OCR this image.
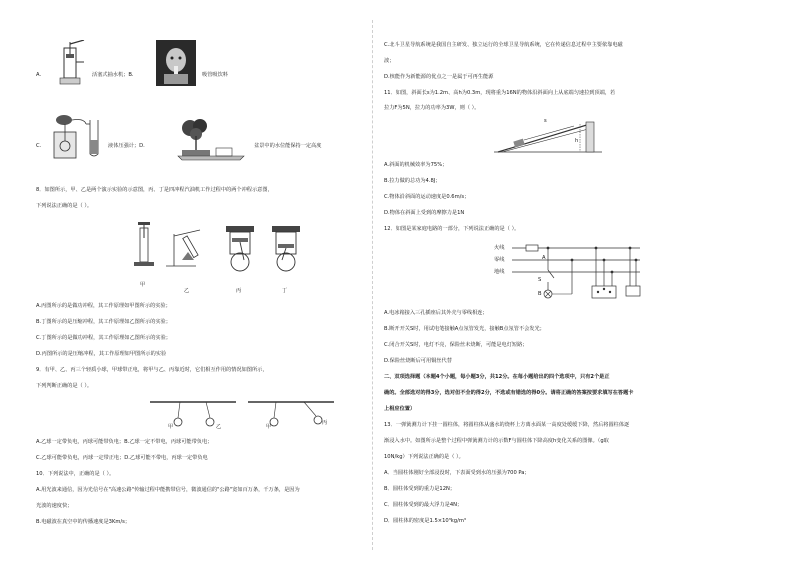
A.	活塞式抽水机；B.	吸管吸饮料
C.	液体压强计；D.	盆景中的水位能保持一定高度
8．如图所示，甲、乙是两个演示实验的示意图，丙、丁是四冲程汽油机工作过程中的两个冲程示意图，
下列说法正确的是（ ）。
甲
乙	丙	丁
A.丙图所示的是做功冲程，其工作原理如甲图所示的实验；
B.丁图所示的是压缩冲程，其工作原理如乙图所示的实验；
C.丁图所示的是做功冲程，其工作原理如乙图所示的实验；
D.丙图所示的是压缩冲程，其工作原理如甲图所示的实验
9．有甲、乙、丙三个轻质小球，甲球带正电，将甲与乙、丙靠近时，它们相互作用的情况如图所示，
下列判断正确的是（ ）。
甲	乙	甲
丙
A.乙球一定带负电，丙球可能带负电；B.乙球一定不带电，丙球可能带负电；
C.乙球可能带负电，丙球一定带正电；D.乙球可能不带电，丙球一定带负电
10．下列说法中，正确的是（ ）。
A.用光波来通信，因为光信号在"高速公路"传输过程中能携带信号，微波通信的"公路"宽如百万条，千万条，是因为
光波的速度快；
B.电磁波在真空中的传播速度是3Km/s；
C.北斗卫星导航系统是我国自主研发、独立运行的全球卫星导航系统，它在传递信息过程中主要依靠电磁
波；
D.核能作为新能源的优点之一是属于可再生能源
11．如图，斜面长s为1.2m、高h为0.3m，现将重为16N的物体沿斜面向上从底端匀速拉到顶端，若
拉力F为5N，拉力的功率为3W，则（ ）。
s
h
A.斜面的机械效率为75%；
B.拉力做的总功为4.8J；
C.物体沿斜面的运动速度是0.6m/s；
D.物体在斜面上受到的摩擦力是1N
12．如图是某家庭电路的一部分，下列说法正确的是（ ）。
火线
零线
地线
A
S
B
A.电冰箱接入三孔插座后其外壳与零线相连；
B.断开开关S时，用试电笔接触A点氖管发光，接触B点氖管不会发光；
C.闭合开关S时，电灯不亮，保险丝未烧断，可能是电灯短路；
D.保险丝烧断后可用铜丝代替
二、双项选择题（本题4个小题，每小题3分，共12分。在每小题给出的四个选项中，只有2个是正
确的。全部选对的得3分，选对但不全的得2分，不选或有错选的得0分。请将正确的答案按要求填写在答题卡
上相应位置）
13．一弹簧测力计下挂一圆柱体，将圆柱体从盛水的烧杯上方离水面某一高度处缓缓下降，然后将圆柱体逐
渐浸入水中。如图所示是整个过程中弹簧测力计的示数F与圆柱体下降高度h变化关系的图像。（g取
10N/kg）下列说法正确的是（ ）。
A．当圆柱体刚好全部浸没时，下表面受到水的压强为700 Pa；
B．圆柱体受到的重力是12N；
C．圆柱体受到的最大浮力是4N；
D．圆柱体的密度是1.5×10³kg/m³
